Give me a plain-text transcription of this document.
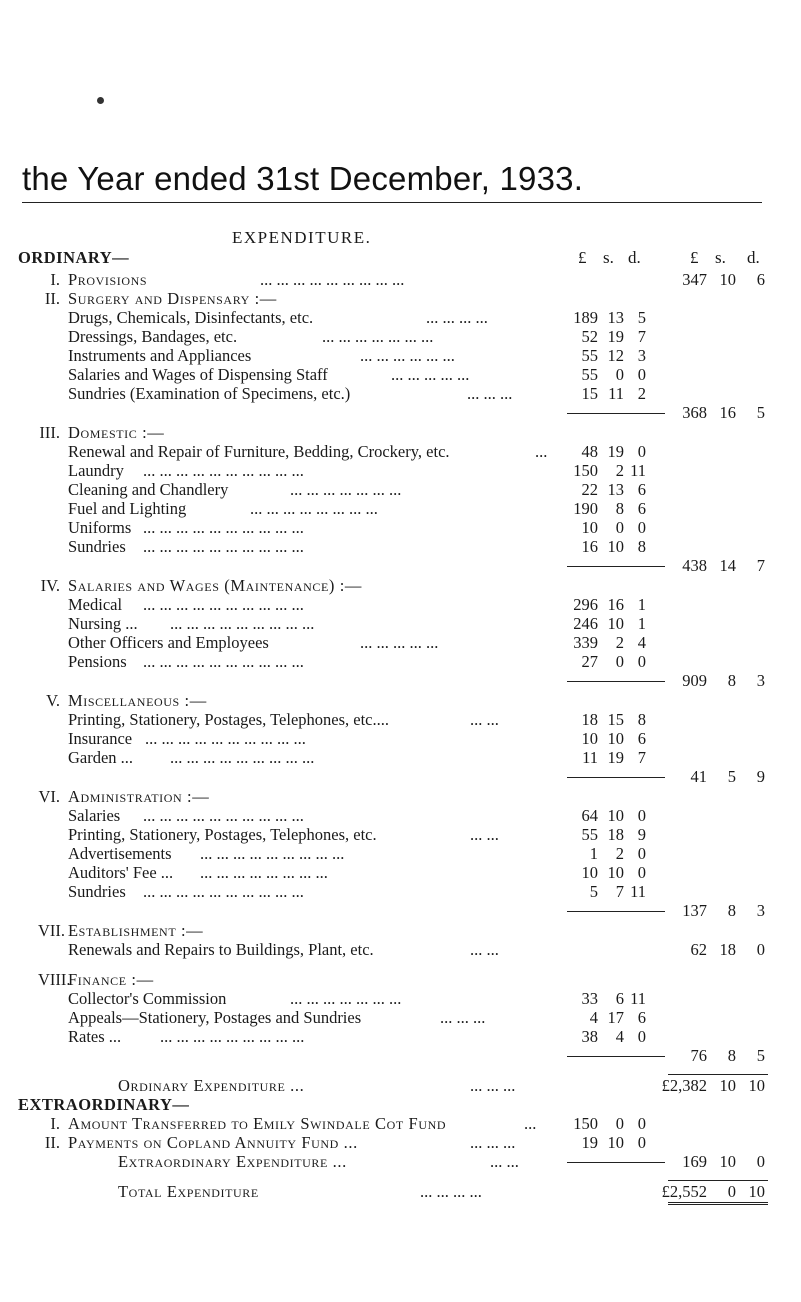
the Year ended 31st December, 1933.
EXPENDITURE.
£ s. d.	£ s. d.
ORDINARY—
I. Provisions	... ... ... ... ... ... ... ... ...	347 10	6
II. Surgery and Dispensary :—
Drugs, Chemicals, Disinfectants, etc.	... ... ... ...	189 13 5
Dressings, Bandages, etc.	... ... ... ... ... ... ...	52 19 7
Instruments and Appliances	... ... ... ... ... ...	55 12 3
Salaries and Wages of Dispensing Staff	... ... ... ... ...	55	0 0
Sundries (Examination of Specimens, etc.)	... ... ...	15 11 2
368 16	5
III. Domestic :—
Renewal and Repair of Furniture, Bedding, Crockery, etc.	...	48 19 0
Laundry ... ... ... ... ... ... ... ... ... ...	150	2 11
Cleaning and Chandlery	... ... ... ... ... ... ...	22 13 6
Fuel and Lighting	... ... ... ... ... ... ... ...	190	8 6
Uniforms ... ... ... ... ... ... ... ... ... ...	10	0 0
Sundries ... ... ... ... ... ... ... ... ... ...	16 10 8
438 14	7
IV. Salaries and Wages (Maintenance) :—
Medical ... ... ... ... ... ... ... ... ... ...	296 16 1
Nursing ... ... ... ... ... ... ... ... ... ...	246 10 1
Other Officers and Employees	... ... ... ... ...	339	2 4
Pensions ... ... ... ... ... ... ... ... ... ...	27	0 0
909	8	3
V. Miscellaneous :—
Printing, Stationery, Postages, Telephones, etc....	... ...	18 15 8
Insurance ... ... ... ... ... ... ... ... ... ...	10 10 6
Garden ... ... ... ... ... ... ... ... ... ...	11 19 7
41	5	9
VI. Administration :—
Salaries ... ... ... ... ... ... ... ... ... ...	64 10 0
Printing, Stationery, Postages, Telephones, etc.	... ...	55 18 9
Advertisements ... ... ... ... ... ... ... ... ...	1	2 0
Auditors' Fee ... ... ... ... ... ... ... ... ...	10 10 0
Sundries ... ... ... ... ... ... ... ... ... ...	5	7 11
137	8	3
VII. Establishment :—
Renewals and Repairs to Buildings, Plant, etc.	... ...	62 18	0
VIII.
Finance :—
Collector's Commission	... ... ... ... ... ... ...	33	6 11
Appeals—Stationery, Postages and Sundries	... ... ...	4 17 6
Rates ... ... ... ... ... ... ... ... ... ...	38	4 0
76	8	5
Ordinary Expenditure ...	... ... ...	£2,382 10 10
EXTRAORDINARY—
I. Amount Transferred to Emily Swindale Cot Fund	...	150	0 0
II. Payments on Copland Annuity Fund ...	... ... ...	19 10 0
Extraordinary Expenditure ...	... ...	169 10	0
Total Expenditure	... ... ... ...	£2,552	0 10
